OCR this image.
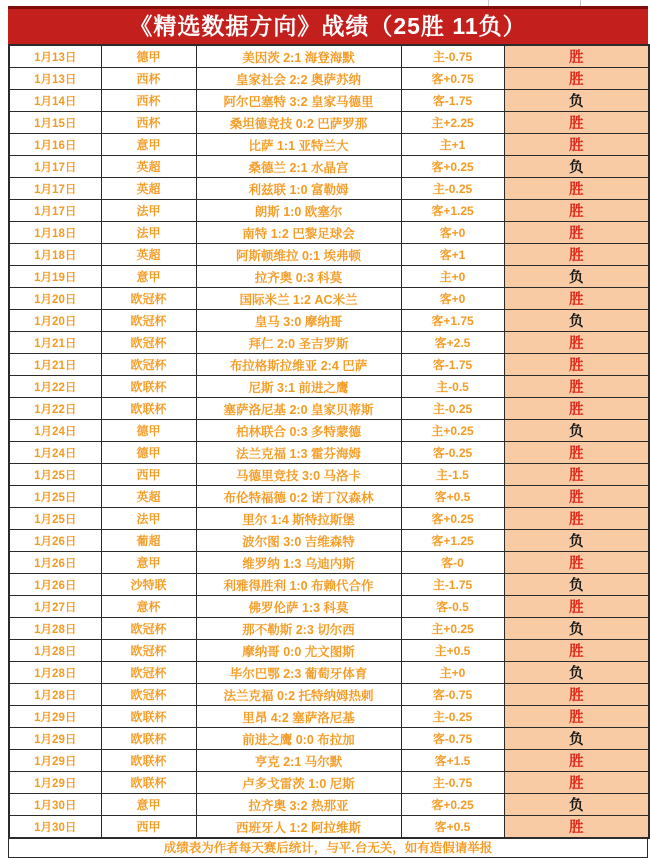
《精选数据方向》战绩（25胜 11负）
1月13日	德甲	美因茨 2:1 海登海默	主-0.75	胜
1月13日	西杯	皇家社会 2:2 奥萨苏纳	客+0.75	胜
1月14日	西杯	阿尔巴塞特 3:2 皇家马德里	客-1.75	负
1月15日	西杯	桑坦德竞技 0:2 巴萨罗那	主+2.25	胜
1月16日	意甲	比萨 1:1 亚特兰大	主+1	胜
1月17日	英超	桑德兰 2:1 水晶宫	客+0.25	负
1月17日	英超	利兹联 1:0 富勒姆	主-0.25	胜
1月17日	法甲	朗斯 1:0 欧塞尔	客+1.25	胜
1月18日	法甲	南特 1:2 巴黎足球会	客+0	胜
1月18日	英超	阿斯顿维拉 0:1 埃弗顿	客+1	胜
1月19日	意甲	拉齐奥 0:3 科莫	主+0	负
1月20日	欧冠杯	国际米兰 1:2 AC米兰	客+0	胜
1月20日	欧冠杯	皇马 3:0 摩纳哥	客+1.75	负
1月21日	欧冠杯	拜仁 2:0 圣吉罗斯	客+2.5	胜
1月21日	欧冠杯	布拉格斯拉维亚 2:4 巴萨	客-1.75	胜
1月22日	欧联杯	尼斯 3:1 前进之鹰	主-0.5	胜
1月22日	欧联杯	塞萨洛尼基 2:0 皇家贝蒂斯	主-0.25	胜
1月24日	德甲	柏林联合 0:3 多特蒙德	主+0.25	负
1月24日	德甲	法兰克福 1:3 霍芬海姆	客-0.25	胜
1月25日	西甲	马德里竞技 3:0 马洛卡	主-1.5	胜
1月25日	英超	布伦特福德 0:2 诺丁汉森林	客+0.5	胜
1月25日	法甲	里尔 1:4 斯特拉斯堡	客+0.25	胜
1月26日	葡超	波尔图 3:0 吉维森特	客+1.25	负
1月26日	意甲	维罗纳 1:3 乌迪内斯	客-0	胜
1月26日	沙特联	利雅得胜利 1:0 布赖代合作	主-1.75	负
1月27日	意杯	佛罗伦萨 1:3 科莫	客-0.5	胜
1月28日	欧冠杯	那不勒斯 2:3 切尔西	主+0.25	负
1月28日	欧冠杯	摩纳哥 0:0 尤文图斯	主+0.5	胜
1月28日	欧冠杯	毕尔巴鄂 2:3 葡萄牙体育	主+0	负
1月28日	欧冠杯	法兰克福 0:2 托特纳姆热刺	客-0.75	胜
1月29日	欧联杯	里昂 4:2 塞萨洛尼基	主-0.25	胜
1月29日	欧联杯	前进之鹰 0:0 布拉加	客-0.75	负
1月29日	欧联杯	亨克 2:1 马尔默	客+1.5	胜
1月29日	欧联杯	卢多戈雷茨 1:0 尼斯	主-0.75	胜
1月30日	意甲	拉齐奥 3:2 热那亚	客+0.25	负
1月30日	西甲	西班牙人 1:2 阿拉维斯	客+0.5	胜
成绩表为作者每天赛后统计，与平.台无关，如有造假请举报
